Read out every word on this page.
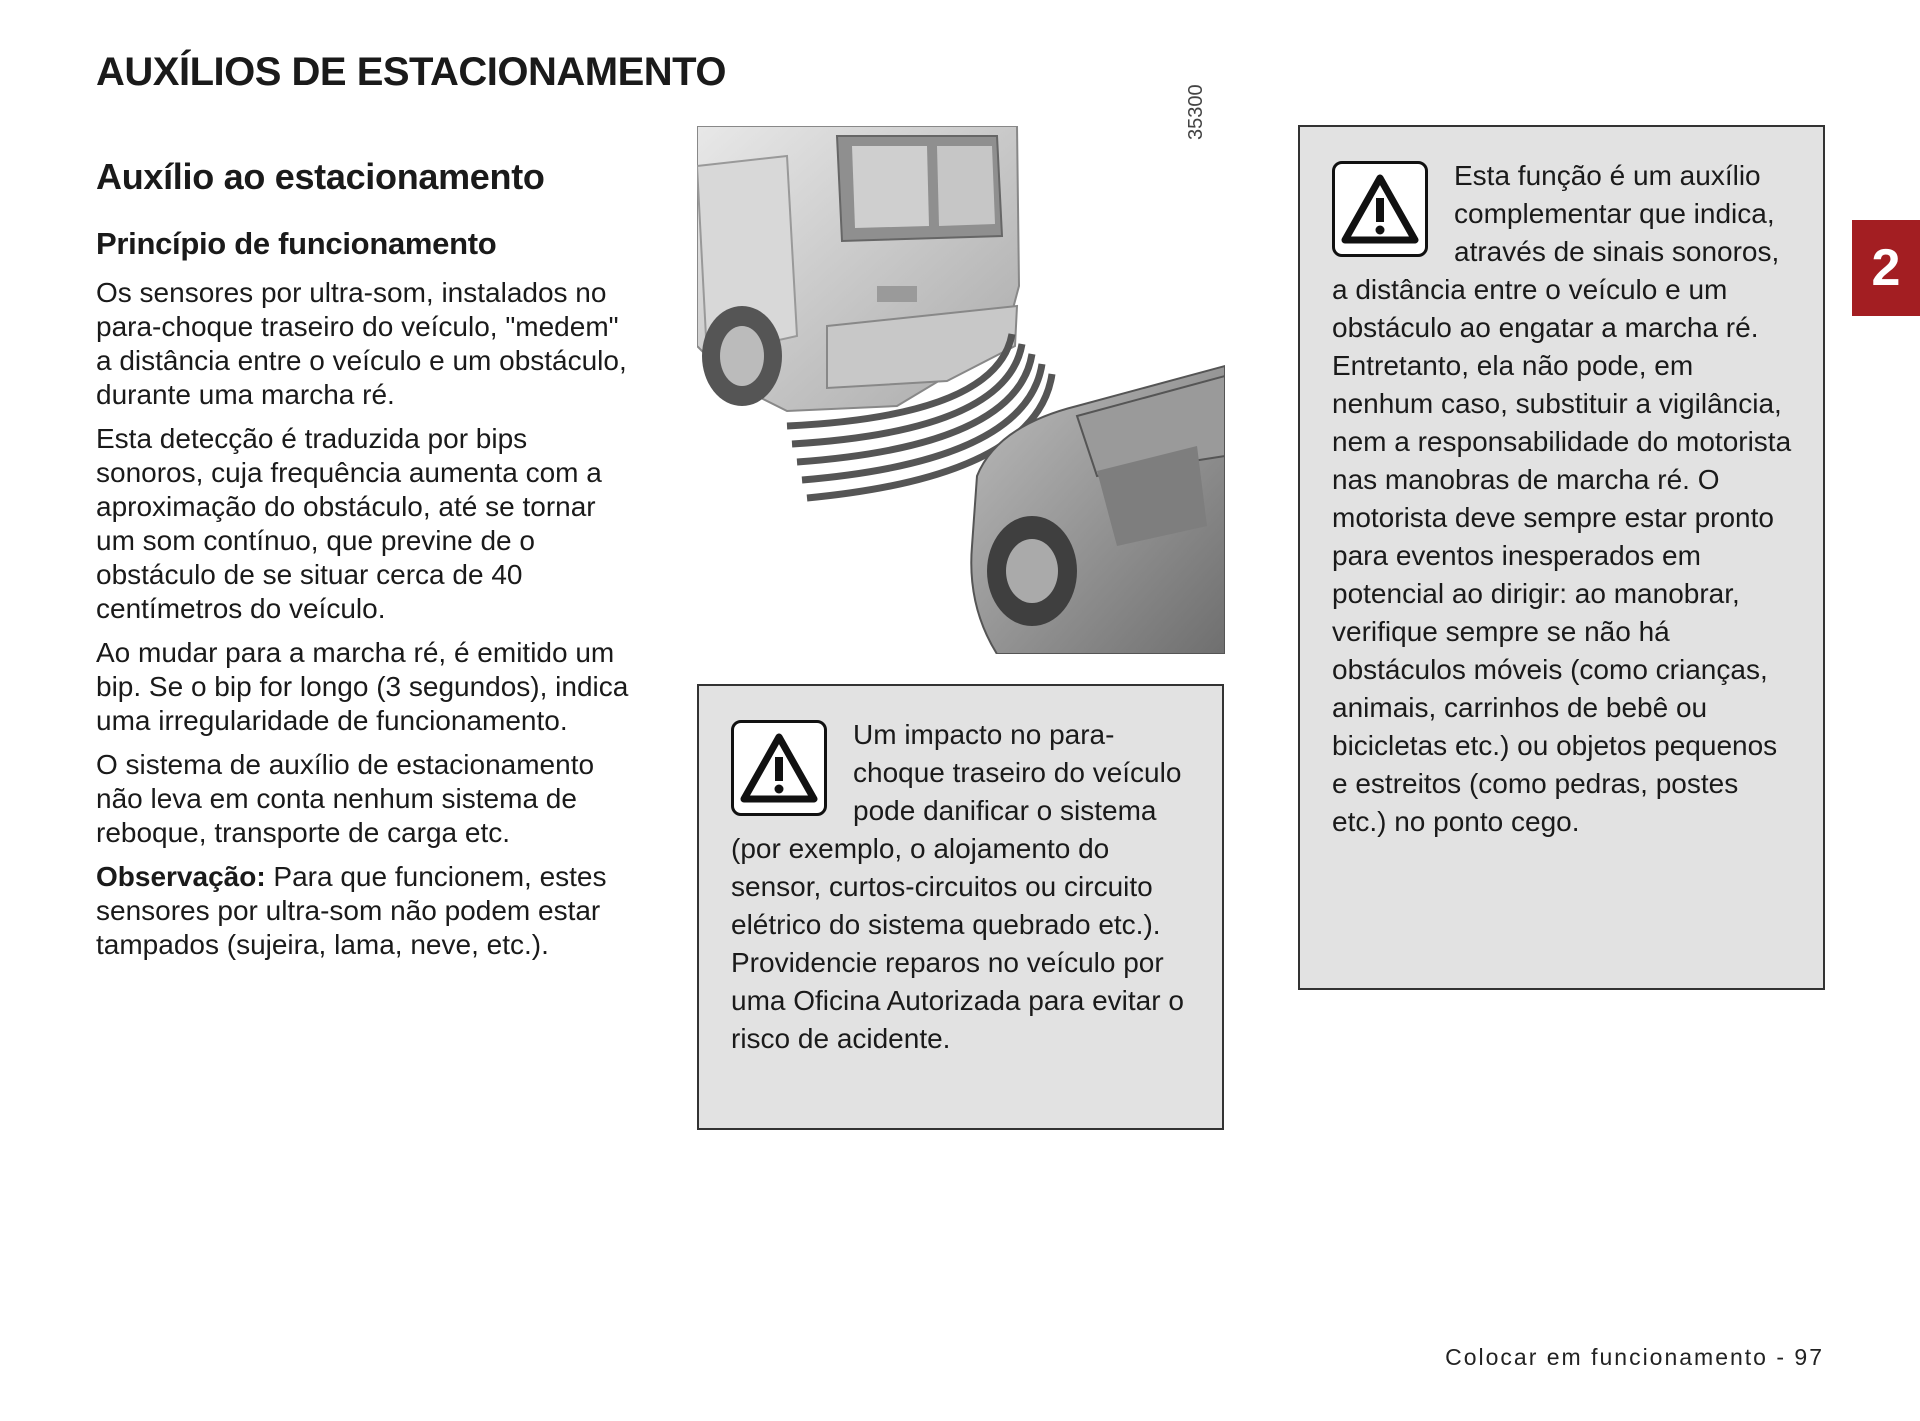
AUXÍLIOS DE ESTACIONAMENTO
Auxílio ao estacionamento
Princípio de funcionamento

Os sensores por ultra-som, instalados no para-choque traseiro do veículo, "medem" a distância entre o veículo e um obstáculo, durante uma marcha ré.

Esta detecção é traduzida por bips sonoros, cuja frequência aumenta com a aproximação do obstáculo, até se tornar um som contínuo, que previne de o obstáculo de se situar cerca de 40 centímetros do veículo.

Ao mudar para a marcha ré, é emitido um bip. Se o bip for longo (3 segundos), indica uma irregularidade de funcionamento.

O sistema de auxílio de estacionamento não leva em conta nenhum sistema de reboque, transporte de carga etc.

Observação: Para que funcionem, estes sensores por ultra-som não podem estar tampados (sujeira, lama, neve, etc.).

35300

Um impacto no para-choque traseiro do veículo pode danificar o sistema (por exemplo, o alojamento do sensor, curtos-circuitos ou circuito elétrico do sistema quebrado etc.). Providencie reparos no veículo por uma Oficina Autorizada para evitar o risco de acidente.

Esta função é um auxílio complementar que indica, através de sinais sonoros, a distância entre o veículo e um obstáculo ao engatar a marcha ré. Entretanto, ela não pode, em nenhum caso, substituir a vigilância, nem a responsabilidade do motorista nas manobras de marcha ré. O motorista deve sempre estar pronto para eventos inesperados em potencial ao dirigir: ao manobrar, verifique sempre se não há obstáculos móveis (como crianças, animais, carrinhos de bebê ou bicicletas etc.) ou objetos pequenos e estreitos (como pedras, postes etc.) no ponto cego.

2
Colocar em funcionamento - 97
